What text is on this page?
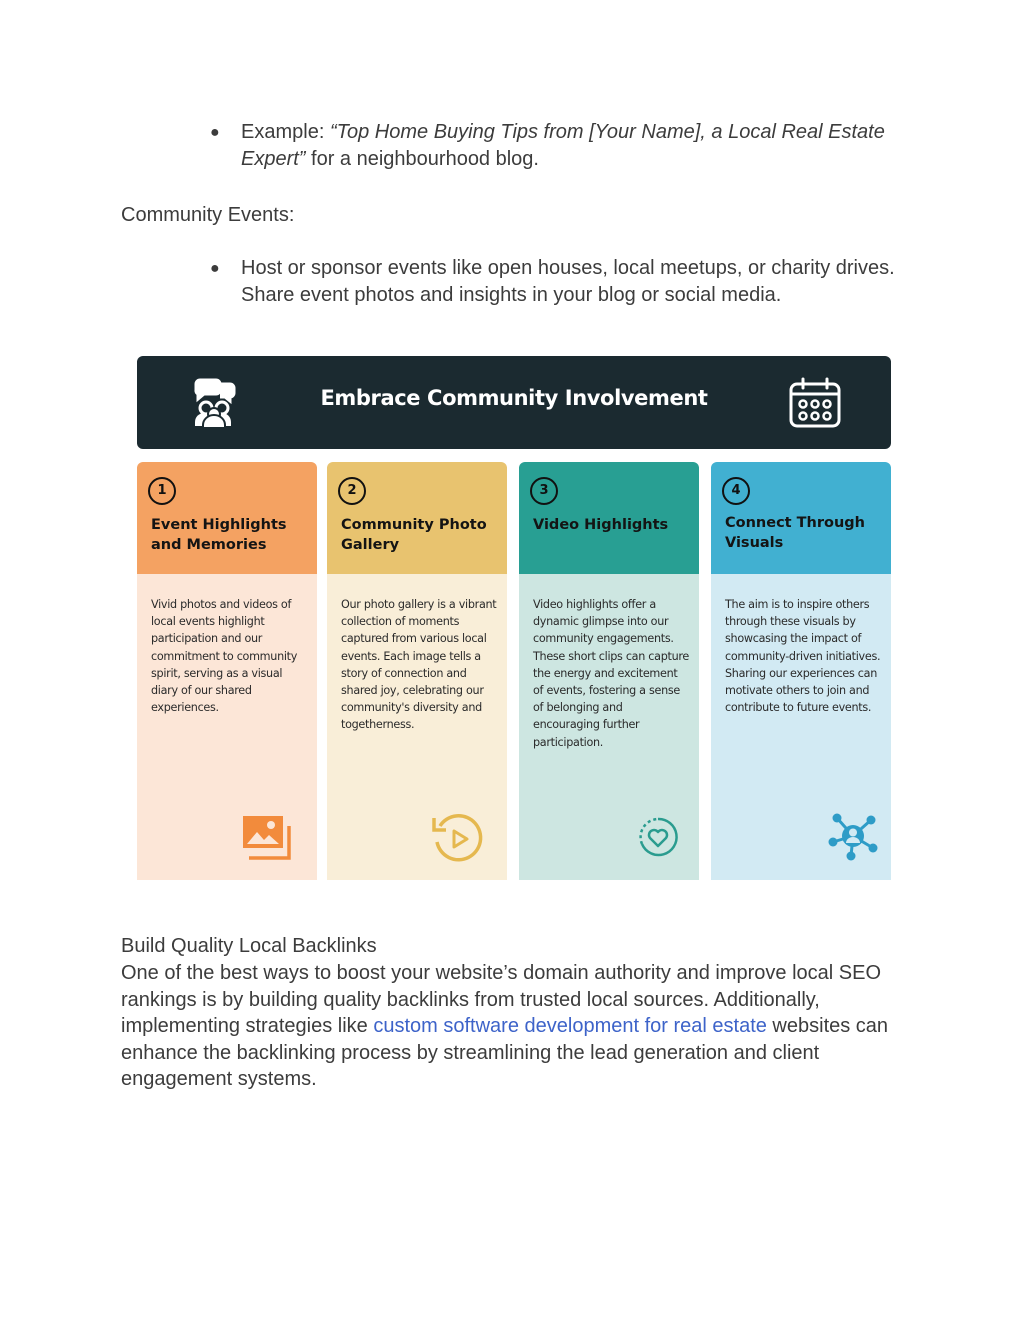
● Example: “Top Home Buying Tips from [Your Name], a Local Real Estate Expert” for a neighbourhood blog.
Community Events:
● Host or sponsor events like open houses, local meetups, or charity drives. Share event photos and insights in your blog or social media.
Embrace Community Involvement
1
Event Highlights and Memories
Vivid photos and videos of local events highlight participation and our commitment to community spirit, serving as a visual diary of our shared experiences.
2
Community Photo Gallery
Our photo gallery is a vibrant collection of moments captured from various local events. Each image tells a story of connection and shared joy, celebrating our community's diversity and togetherness.
3
Video Highlights
Video highlights offer a dynamic glimpse into our community engagements. These short clips can capture the energy and excitement of events, fostering a sense of belonging and encouraging further participation.
4
Connect Through Visuals
The aim is to inspire others through these visuals by showcasing the impact of community-driven initiatives. Sharing our experiences can motivate others to join and contribute to future events.
Build Quality Local Backlinks
One of the best ways to boost your website’s domain authority and improve local SEO rankings is by building quality backlinks from trusted local sources. Additionally, implementing strategies like custom software development for real estate websites can enhance the backlinking process by streamlining the lead generation and client engagement systems.
